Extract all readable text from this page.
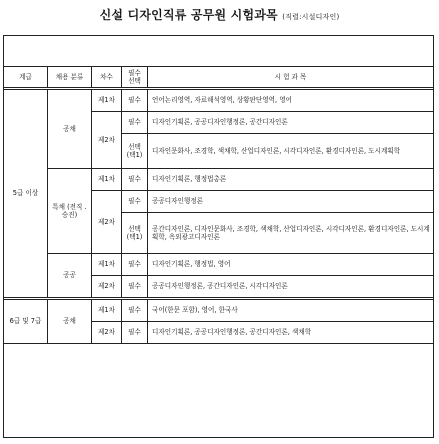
신설 디자인직류 공무원 시험과목 (직렬:시설디자인)
계급	채용 분류	차수	필수 선택	시 험 과 목
5급 이상	공채	제1차	필수	언어논리영역, 자료해석영역, 상황판단영역, 영어
		제2차	필수	디자인기획론, 공공디자인행정론, 공간디자인론
			선택 (택1)	디자인문화사, 조경학, 색채학, 산업디자인론, 시각디자인론, 환경디자인론, 도시계획학
	특채 (전직 ․ 승진)	제1차	필수	디자인기획론, 행정법총론
		제2차	필수	공공디자인행정론
			선택 (택1)	공간디자인론, 디자인문화사, 조경학, 색채학, 산업디자인론, 시각디자인론, 환경디자인론, 도시계획학, 옥외광고디자인론
	공공	제1차	필수	디자인기획론, 행정법, 영어
		제2차	필수	공공디자인행정론, 공간디자인론, 시각디자인론
6급 및 7급	공채	제1차	필수	국어(한문 포함), 영어, 한국사
		제2차	필수	디자인기획론, 공공디자인행정론, 공간디자인론, 색채학
